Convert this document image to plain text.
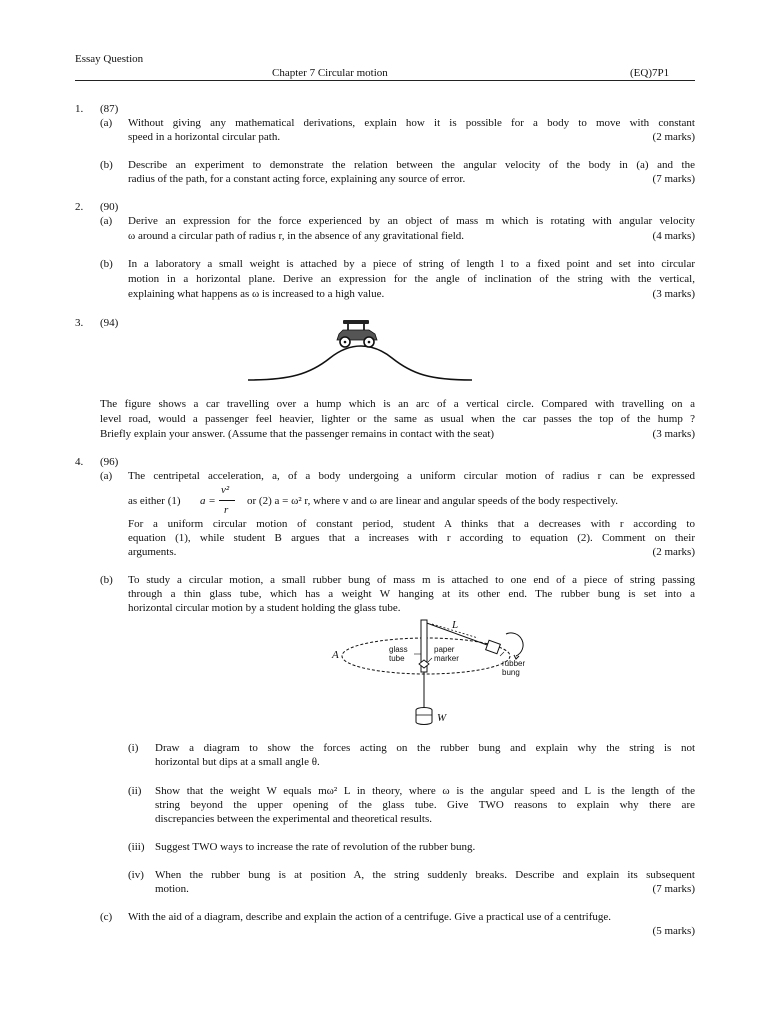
Essay Question
Chapter 7 Circular motion	(EQ)7P1
1. (87)
(a) Without giving any mathematical derivations, explain how it is possible for a body to move with constant
speed in a horizontal circular path.	(2 marks)
(b) Describe an experiment to demonstrate the relation between the angular velocity of the body in (a) and the
radius of the path, for a constant acting force, explaining any source of error.	(7 marks)
2. (90)
(a) Derive an expression for the force experienced by an object of mass m which is rotating with angular velocity
ω around a circular path of radius r, in the absence of any gravitational field.	(4 marks)
(b) In a laboratory a small weight is attached by a piece of string of length l to a fixed point and set into circular
motion in a horizontal plane. Derive an expression for the angle of inclination of the string with the vertical,
explaining what happens as ω is increased to a high value.	(3 marks)
3. (94)
The figure shows a car travelling over a hump which is an arc of a vertical circle. Compared with travelling on a
level road, would a passenger feel heavier, lighter or the same as usual when the car passes the top of the hump ?
Briefly explain your answer. (Assume that the passenger remains in contact with the seat)	(3 marks)
4. (96)
(a) The centripetal acceleration, a, of a body undergoing a uniform circular motion of radius r can be expressed
as either (1) a =
v²
r
or (2) a = ω² r, where v and ω are linear and angular speeds of the body respectively.
For a uniform circular motion of constant period, student A thinks that a decreases with r according to
equation (1), while student B argues that a increases with r according to equation (2). Comment on their
arguments.	(2 marks)
(b) To study a circular motion, a small rubber bung of mass m is attached to one end of a piece of string passing
through a thin glass tube, which has a weight W hanging at its other end. The rubber bung is set into a
horizontal circular motion by a student holding the glass tube.
A
L
glass
tube
paper
marker
rubber
bung
W
(i) Draw a diagram to show the forces acting on the rubber bung and explain why the string is not
horizontal but dips at a small angle θ.
(ii) Show that the weight W equals mω² L in theory, where ω is the angular speed and L is the length of the
string beyond the upper opening of the glass tube. Give TWO reasons to explain why there are
discrepancies between the experimental and theoretical results.
(iii) Suggest TWO ways to increase the rate of revolution of the rubber bung.
(iv) When the rubber bung is at position A, the string suddenly breaks. Describe and explain its subsequent
motion.	(7 marks)
(c) With the aid of a diagram, describe and explain the action of a centrifuge. Give a practical use of a centrifuge.
(5 marks)
